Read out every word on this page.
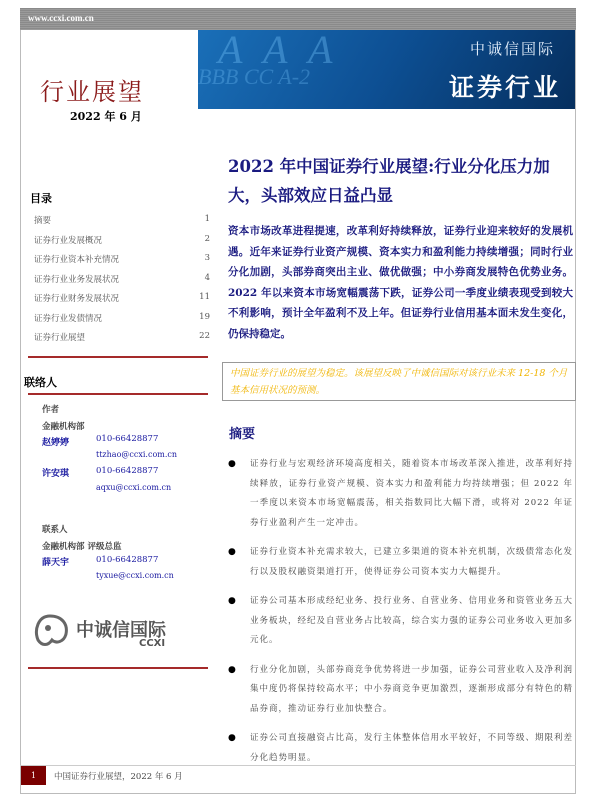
www.ccxi.com.cn
A A A
BBB CC A-2
中诚信国际
证券行业
行业展望
2022 年 6 月
目录
摘要	1
证券行业发展概况	2
证券行业资本补充情况	3
证券行业业务发展状况	4
证券行业财务发展状况	11
证券行业发债情况	19
证券行业展望	22
联络人
作者
金融机构部
赵婷婷	010-66428877
ttzhao@ccxi.com.cn
许安琪	010-66428877
aqxu@ccxi.com.cn
联系人
金融机构部 评级总监
薛天宇	010-66428877
tyxue@ccxi.com.cn
中诚信国际
CCXI
2022 年中国证券行业展望:行业分化压力加大，头部效应日益凸显
资本市场改革进程提速，改革利好持续释放，证券行业迎来较好的发展机遇。近年来证券行业资产规模、资本实力和盈利能力持续增强；同时行业分化加剧，头部券商突出主业、做优做强；中小券商发展特色优势业务。2022 年以来资本市场宽幅震荡下跌，证券公司一季度业绩表现受到较大不利影响，预计全年盈利不及上年。但证券行业信用基本面未发生变化，仍保持稳定。
中国证券行业的展望为稳定。该展望反映了中诚信国际对该行业未来 12-18 个月基本信用状况的预测。
摘要
●	证券行业与宏观经济环境高度相关，随着资本市场改革深入推进，改革利好持续释放，证券行业资产规模、资本实力和盈利能力均持续增强；但 2022 年一季度以来资本市场宽幅震荡，相关指数同比大幅下滑，或将对 2022 年证券行业盈利产生一定冲击。
●	证券行业资本补充需求较大，已建立多渠道的资本补充机制，次级债常态化发行以及股权融资渠道打开，使得证券公司资本实力大幅提升。
●	证券公司基本形成经纪业务、投行业务、自营业务、信用业务和资管业务五大业务板块，经纪及自营业务占比较高，综合实力强的证券公司业务收入更加多元化。
●	行业分化加剧，头部券商竞争优势将进一步加强，证券公司营业收入及净利润集中度仍将保持较高水平；中小券商竞争更加激烈，逐渐形成部分有特色的精品券商，推动证券行业加快整合。
●	证券公司直接融资占比高，发行主体整体信用水平较好，不同等级、期限利差分化趋势明显。
1	中国证券行业展望，2022 年 6 月
